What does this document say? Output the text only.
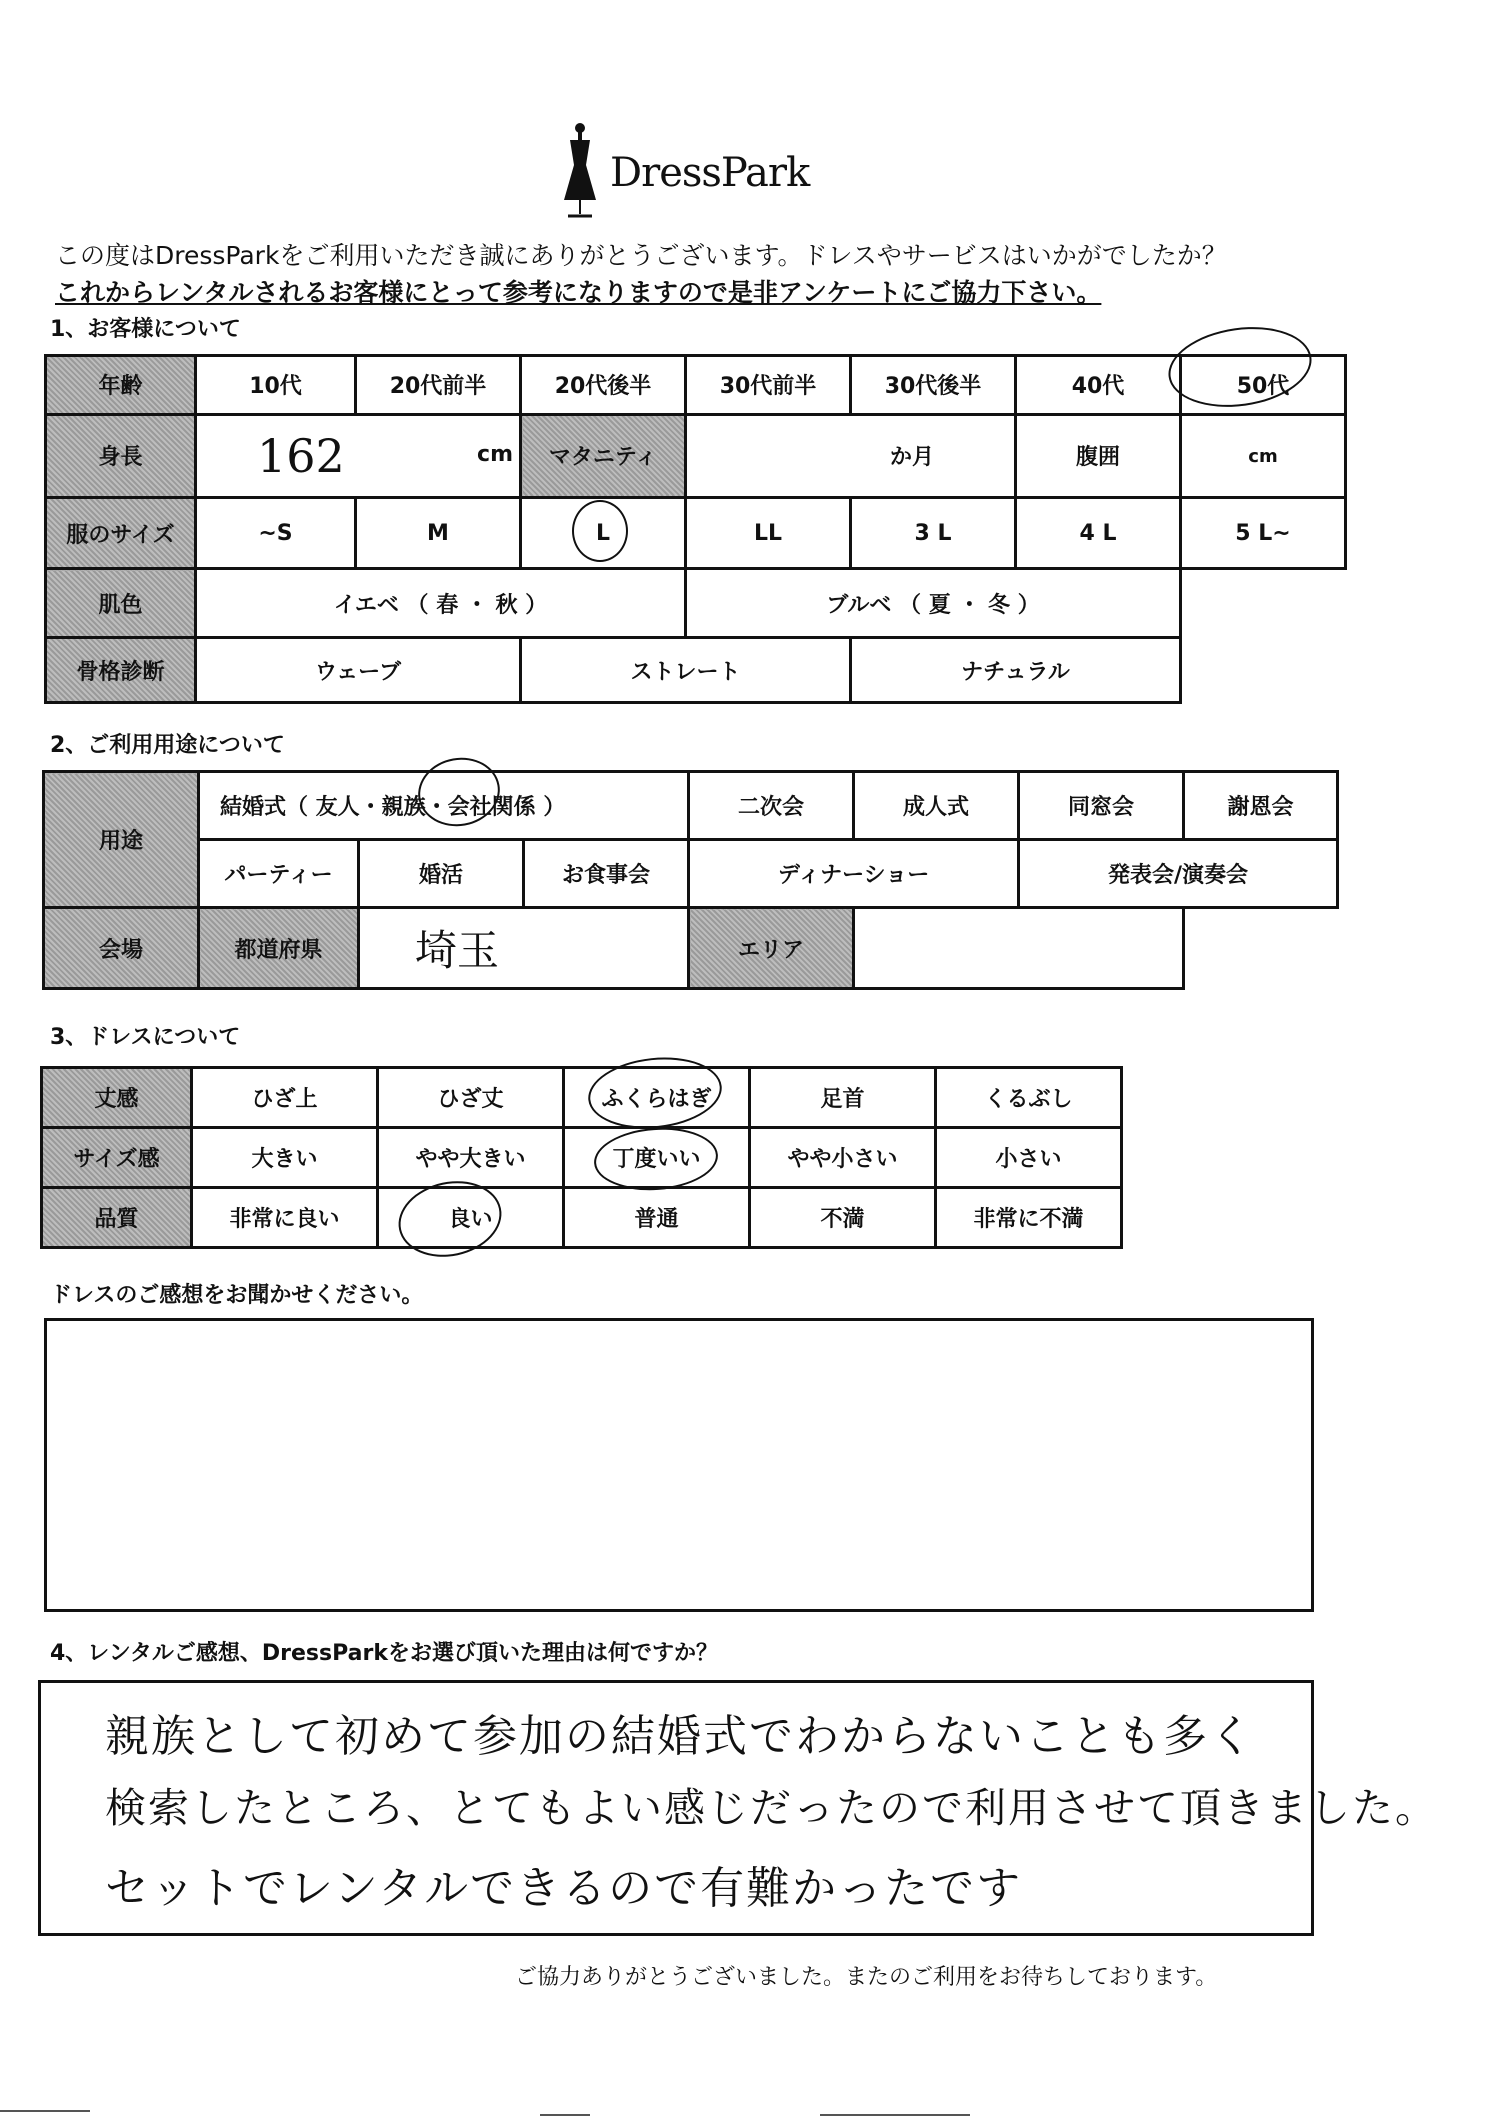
DressPark
この度はDressParkをご利用いただき誠にありがとうございます。ドレスやサービスはいかがでしたか？
これからレンタルされるお客様にとって参考になりますので是非アンケートにご協力下さい。
1、お客様について
年齢	10代	20代前半	20代後半	30代前半	30代後半	40代	50代
身長	162 cm		マタニティ	か月		腹囲	cm
服のサイズ	~S	M	L	LL	3 L	4 L	5 L~
肌色	イエベ （ 春 ・ 秋 ）			ブルベ （ 夏 ・ 冬 ）			
骨格診断	ウェーブ		ストレート		ナチュラル		
2、ご利用用途について
用途	結婚式（ 友人・親族・会社関係 ）			二次会	成人式	同窓会	謝恩会
	パーティー	婚活	お食事会	ディナーショー		発表会/演奏会	
会場	都道府県	埼玉		エリア			
3、ドレスについて
丈感	ひざ上	ひざ丈	ふくらはぎ	足首	くるぶし
サイズ感	大きい	やや大きい	丁度いい	やや小さい	小さい
品質	非常に良い	良い	普通	不満	非常に不満
ドレスのご感想をお聞かせください。
4、レンタルご感想、DressParkをお選び頂いた理由は何ですか？
親族として初めて参加の結婚式でわからないことも多く
検索したところ、とてもよい感じだったので利用させて頂きました。
セットでレンタルできるので有難かったです
ご協力ありがとうございました。またのご利用をお待ちしております。
